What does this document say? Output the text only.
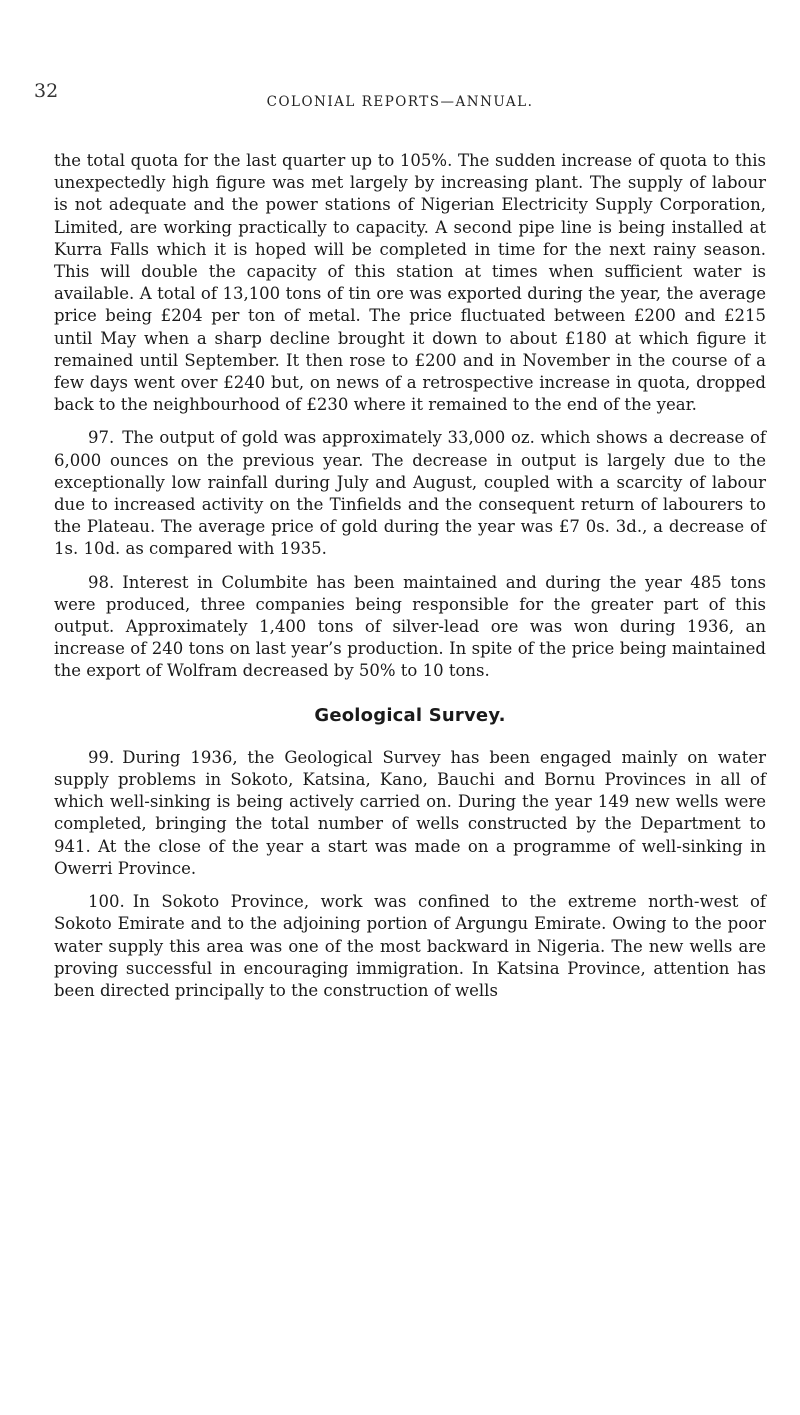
32	COLONIAL REPORTS—ANNUAL.

the total quota for the last quarter up to 105%. The sudden increase of quota to this unexpectedly high figure was met largely by increasing plant. The supply of labour is not adequate and the power stations of Nigerian Electricity Supply Corporation, Limited, are working practically to capacity. A second pipe line is being installed at Kurra Falls which it is hoped will be completed in time for the next rainy season. This will double the capacity of this station at times when sufficient water is available. A total of 13,100 tons of tin ore was exported during the year, the average price being £204 per ton of metal. The price fluctuated between £200 and £215 until May when a sharp decline brought it down to about £180 at which figure it remained until September. It then rose to £200 and in November in the course of a few days went over £240 but, on news of a retrospective increase in quota, dropped back to the neighbourhood of £230 where it remained to the end of the year.

97. The output of gold was approximately 33,000 oz. which shows a decrease of 6,000 ounces on the previous year. The decrease in output is largely due to the exceptionally low rainfall during July and August, coupled with a scarcity of labour due to increased activity on the Tinfields and the consequent return of labourers to the Plateau. The average price of gold during the year was £7 0s. 3d., a decrease of 1s. 10d. as compared with 1935.

98. Interest in Columbite has been maintained and during the year 485 tons were produced, three companies being responsible for the greater part of this output. Approximately 1,400 tons of silver-lead ore was won during 1936, an increase of 240 tons on last year’s production. In spite of the price being maintained the export of Wolfram decreased by 50% to 10 tons.

Geological Survey.

99. During 1936, the Geological Survey has been engaged mainly on water supply problems in Sokoto, Katsina, Kano, Bauchi and Bornu Provinces in all of which well-sinking is being actively carried on. During the year 149 new wells were completed, bringing the total number of wells constructed by the Department to 941. At the close of the year a start was made on a programme of well-sinking in Owerri Province.

100. In Sokoto Province, work was confined to the extreme north-west of Sokoto Emirate and to the adjoining portion of Argungu Emirate. Owing to the poor water supply this area was one of the most backward in Nigeria. The new wells are proving successful in encouraging immigration. In Katsina Province, attention has been directed principally to the construction of wells
